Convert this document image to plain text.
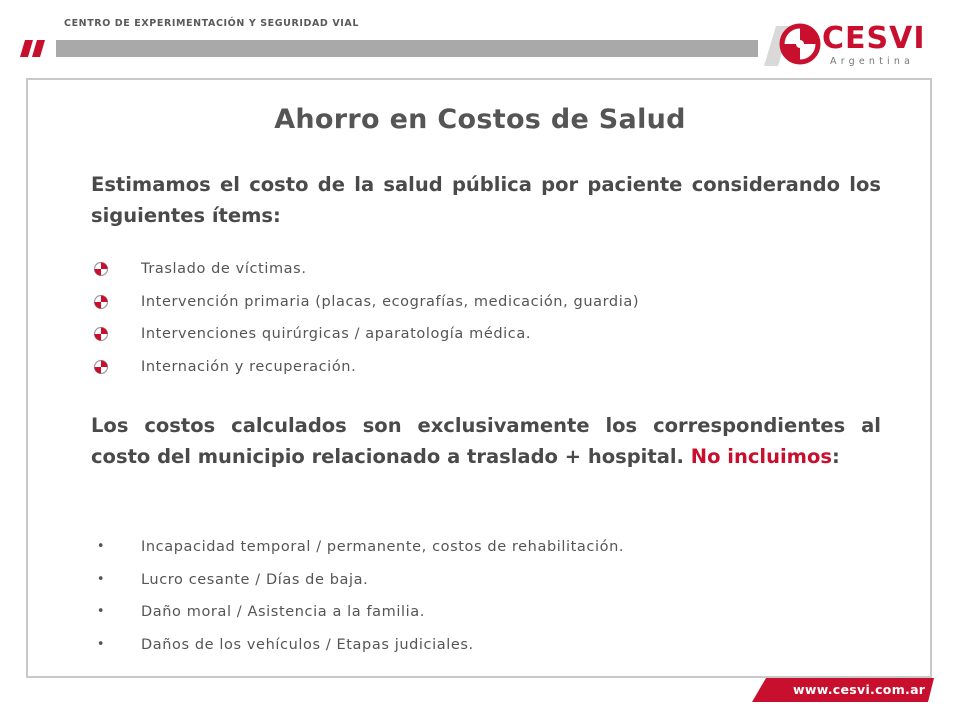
CENTRO DE EXPERIMENTACIÓN Y SEGURIDAD VIAL	CESVI
Argentina
Ahorro en Costos de Salud
Estimamos el costo de la salud pública por paciente considerando los siguientes ítems:
Traslado de víctimas.
Intervención primaria (placas, ecografías, medicación, guardia)
Intervenciones quirúrgicas / aparatología médica.
Internación y recuperación.
Los costos calculados son exclusivamente los correspondientes al costo del municipio relacionado a traslado + hospital. No incluimos:
• Incapacidad temporal / permanente, costos de rehabilitación.
• Lucro cesante / Días de baja.
• Daño moral / Asistencia a la familia.
• Daños de los vehículos / Etapas judiciales.
www.cesvi.com.ar
